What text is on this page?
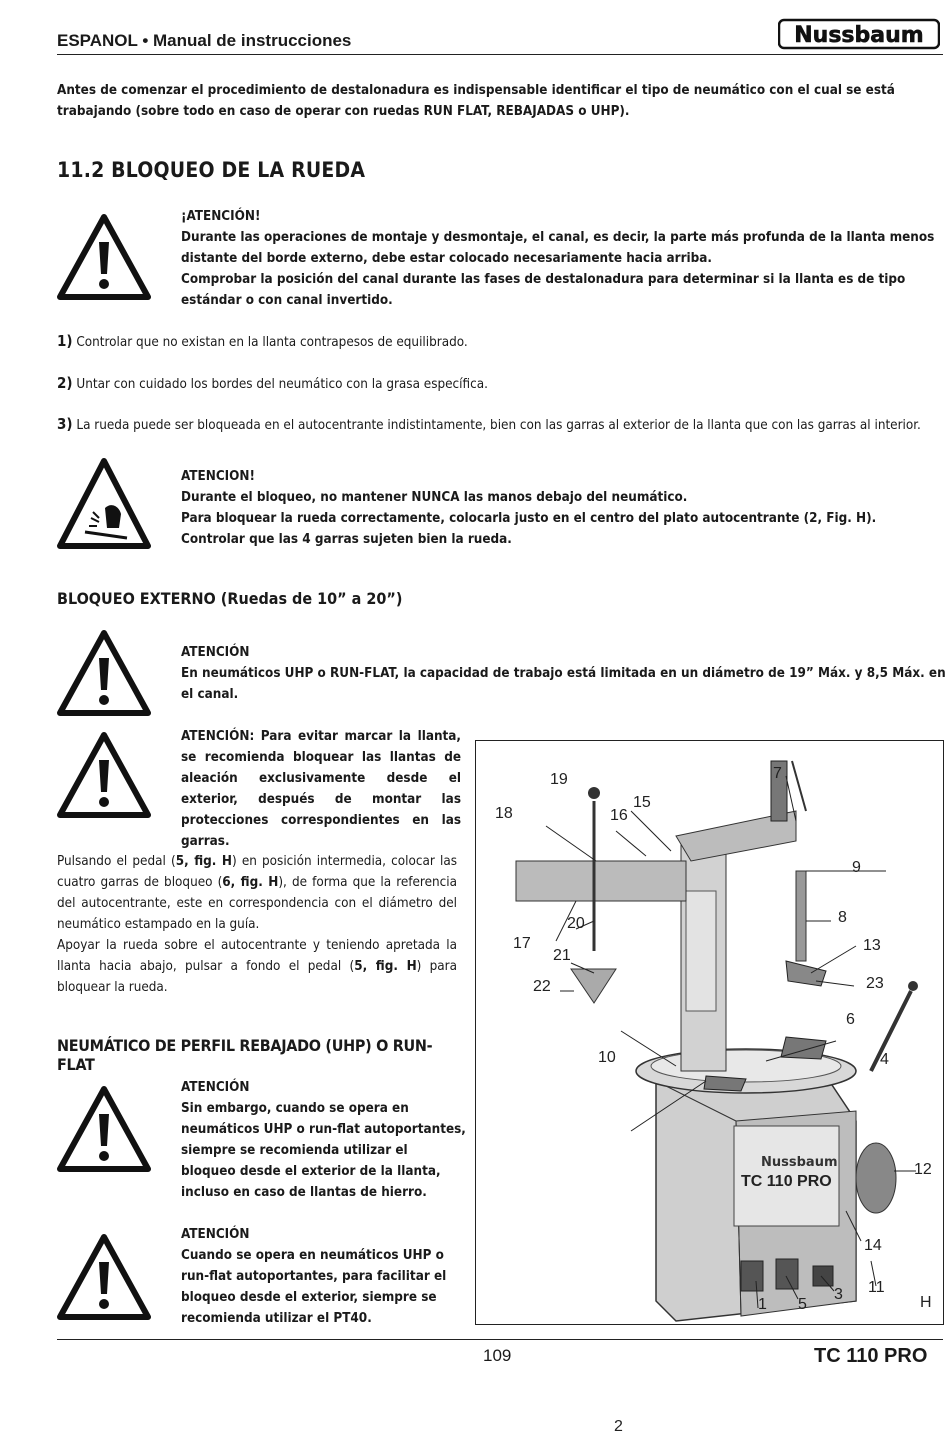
ESPANOL • Manual de instrucciones	Nussbaum
Antes de comenzar el procedimiento de destalonadura es indispensable identificar el tipo de neumático con el cual se está trabajando (sobre todo en caso de operar con ruedas RUN FLAT, REBAJADAS o UHP).
11.2 BLOQUEO DE LA RUEDA
¡ATENCIÓN!
Durante las operaciones de montaje y desmontaje, el canal, es decir, la parte más profunda de la llanta menos distante del borde externo, debe estar colocado necesariamente hacia arriba.
Comprobar la posición del canal durante las fases de destalonadura para determinar si la llanta es de tipo estándar o con canal invertido.
1) Controlar que no existan en la llanta contrapesos de equilibrado.
2) Untar con cuidado los bordes del neumático con la grasa específica.
3) La rueda puede ser bloqueada en el autocentrante indistintamente, bien con las garras al exterior de la llanta que con las garras al interior.
ATENCION!
Durante el bloqueo, no mantener NUNCA las manos debajo del neumático.
Para bloquear la rueda correctamente, colocarla justo en el centro del plato autocentrante (2, Fig. H).
Controlar que las 4 garras sujeten bien la rueda.
BLOQUEO EXTERNO (Ruedas de 10” a 20”)
ATENCIÓN
En neumáticos UHP o RUN-FLAT, la capacidad de trabajo está limitada en un diámetro de 19” Máx. y 8,5 Máx. en el canal.
ATENCIÓN: Para evitar marcar la llanta, se recomienda bloquear las llantas de aleación exclusivamente desde el exterior, después de montar las protecciones correspondientes en las garras.
Pulsando el pedal (5, fig. H) en posición intermedia, colocar las cuatro garras de bloqueo (6, fig. H), de forma que la referencia del autocentrante, este en correspondencia con el diámetro del neumático estampado en la guía.
Apoyar la rueda sobre el autocentrante y teniendo apretada la llanta hacia abajo, pulsar a fondo el pedal (5, fig. H) para bloquear la rueda.
NEUMÁTICO DE PERFIL REBAJADO (UHP) O RUN-FLAT
ATENCIÓN
Sin embargo, cuando se opera en neumáticos UHP o run-flat autoportantes, siempre se recomienda utilizar el bloqueo desde el exterior de la llanta, incluso en caso de llantas de hierro.
ATENCIÓN
Cuando se opera en neumáticos UHP o run-flat autoportantes, para facilitar el bloqueo desde el exterior, siempre se recomienda utilizar el PT40.
Nussbaum
TC 110 PRO
1
2
3
4
5
6
7
8
9
10
11
12
13
14
15
16
17
18
19
20
21
22	23
H
109	TC 110 PRO
